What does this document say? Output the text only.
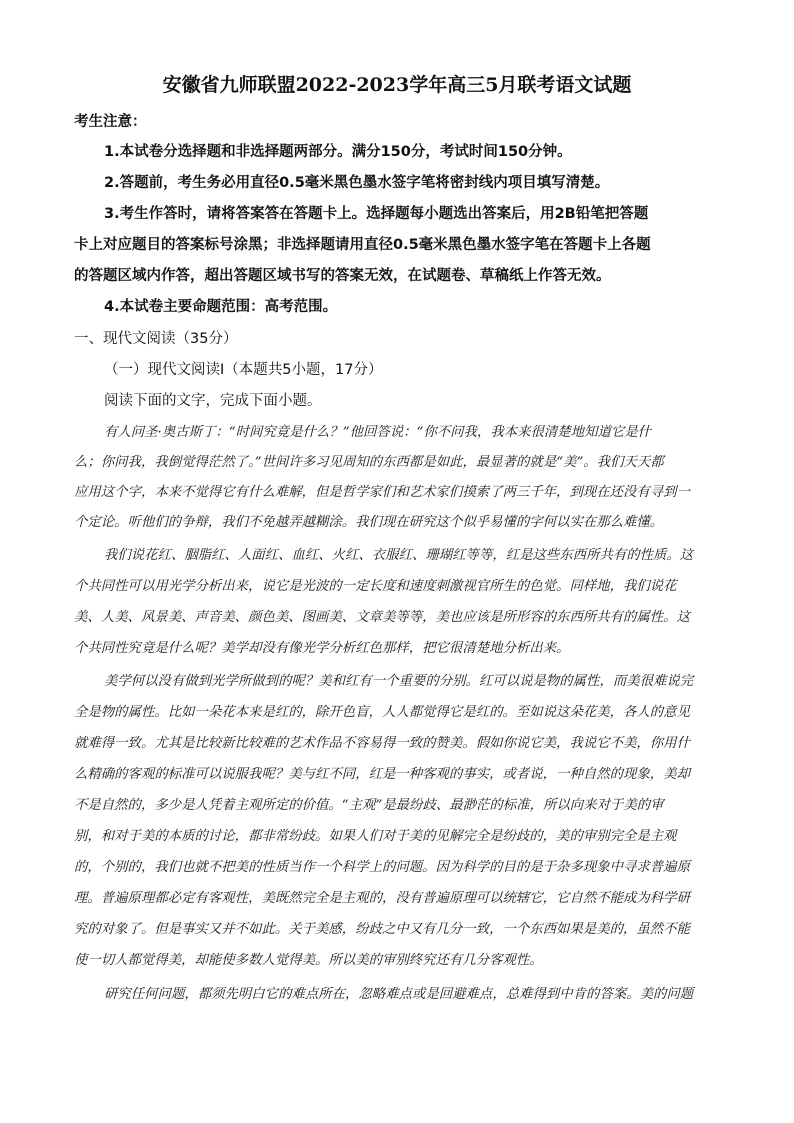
安徽省九师联盟2022-2023学年高三5月联考语文试题
考生注意：
1.本试卷分选择题和非选择题两部分。满分150分，考试时间150分钟。
2.答题前，考生务必用直径0.5毫米黑色墨水签字笔将密封线内项目填写清楚。
3.考生作答时，请将答案答在答题卡上。选择题每小题选出答案后，用2B铅笔把答题
卡上对应题目的答案标号涂黑；非选择题请用直径0.5毫米黑色墨水签字笔在答题卡上各题
的答题区域内作答，超出答题区域书写的答案无效，在试题卷、草稿纸上作答无效。
4.本试卷主要命题范围：高考范围。
一、现代文阅读（35分）
（一）现代文阅读Ⅰ（本题共5小题，17分）
阅读下面的文字，完成下面小题。
有人问圣·奥古斯丁：“时间究竟是什么？”他回答说：“你不问我，我本来很清楚地知道它是什
么；你问我，我倒觉得茫然了。”世间许多习见周知的东西都是如此，最显著的就是“美”。我们天天都
应用这个字，本来不觉得它有什么难解，但是哲学家们和艺术家们摸索了两三千年，到现在还没有寻到一
个定论。听他们的争辩，我们不免越弄越糊涂。我们现在研究这个似乎易懂的字何以实在那么难懂。
我们说花红、胭脂红、人面红、血红、火红、衣服红、珊瑚红等等，红是这些东西所共有的性质。这
个共同性可以用光学分析出来，说它是光波的一定长度和速度刺激视官所生的色觉。同样地，我们说花
美、人美、风景美、声音美、颜色美、图画美、文章美等等，美也应该是所形容的东西所共有的属性。这
个共同性究竟是什么呢？美学却没有像光学分析红色那样，把它很清楚地分析出来。
美学何以没有做到光学所做到的呢？美和红有一个重要的分别。红可以说是物的属性，而美很难说完
全是物的属性。比如一朵花本来是红的，除开色盲，人人都觉得它是红的。至如说这朵花美，各人的意见
就难得一致。尤其是比较新比较难的艺术作品不容易得一致的赞美。假如你说它美，我说它不美，你用什
么精确的客观的标准可以说服我呢？美与红不同，红是一种客观的事实，或者说，一种自然的现象，美却
不是自然的，多少是人凭着主观所定的价值。“主观”是最纷歧、最渺茫的标准，所以向来对于美的审
别，和对于美的本质的讨论，都非常纷歧。如果人们对于美的见解完全是纷歧的，美的审别完全是主观
的，个别的，我们也就不把美的性质当作一个科学上的问题。因为科学的目的是于杂多现象中寻求普遍原
理。普遍原理都必定有客观性，美既然完全是主观的，没有普遍原理可以统辖它，它自然不能成为科学研
究的对象了。但是事实又并不如此。关于美感，纷歧之中又有几分一致，一个东西如果是美的，虽然不能
使一切人都觉得美，却能使多数人觉得美。所以美的审别终究还有几分客观性。
研究任何问题，都须先明白它的难点所在，忽略难点或是回避难点，总难得到中肯的答案。美的问题
